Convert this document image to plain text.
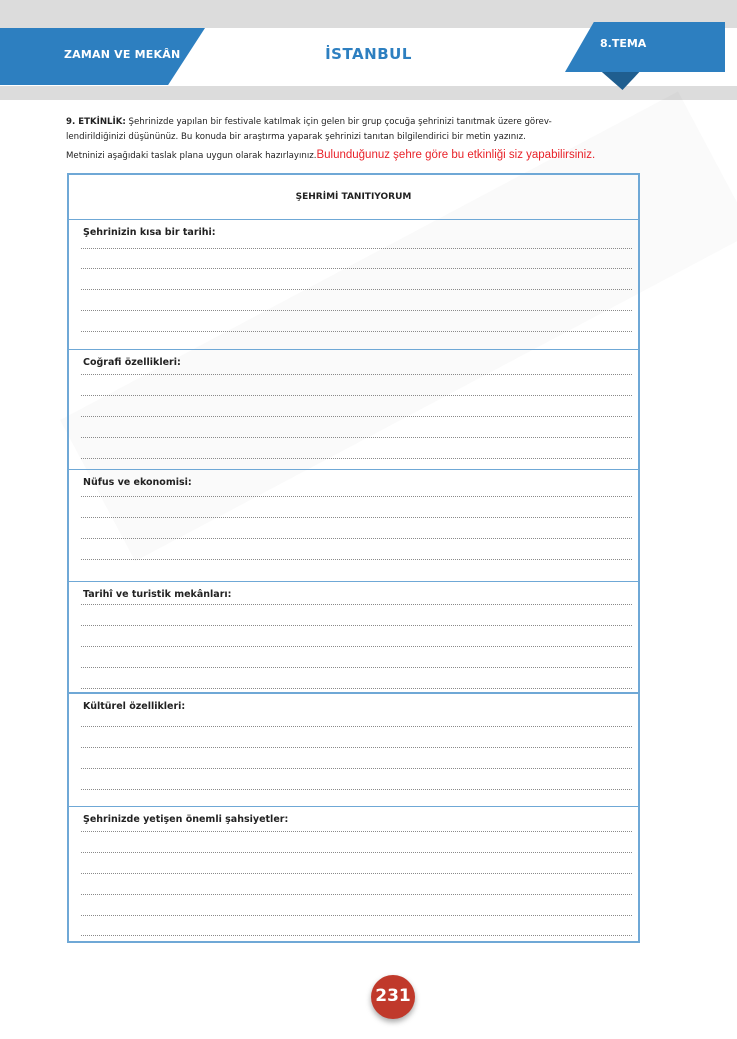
ZAMAN VE MEKÂN	İSTANBUL
8.TEMA
9. ETKİNLİK: Şehrinizde yapılan bir festivale katılmak için gelen bir grup çocuğa şehrinizi tanıtmak üzere görev-
lendirildiğinizi düşününüz. Bu konuda bir araştırma yaparak şehrinizi tanıtan bilgilendirici bir metin yazınız.
Metninizi aşağıdaki taslak plana uygun olarak hazırlayınız.Bulunduğunuz şehre göre bu etkinliği siz yapabilirsiniz.
ŞEHRİMİ TANITIYORUM
Şehrinizin kısa bir tarihi:
Coğrafi özellikleri:
Nüfus ve ekonomisi:
Tarihî ve turistik mekânları:
Kültürel özellikleri:
Şehrinizde yetişen önemli şahsiyetler:
231
